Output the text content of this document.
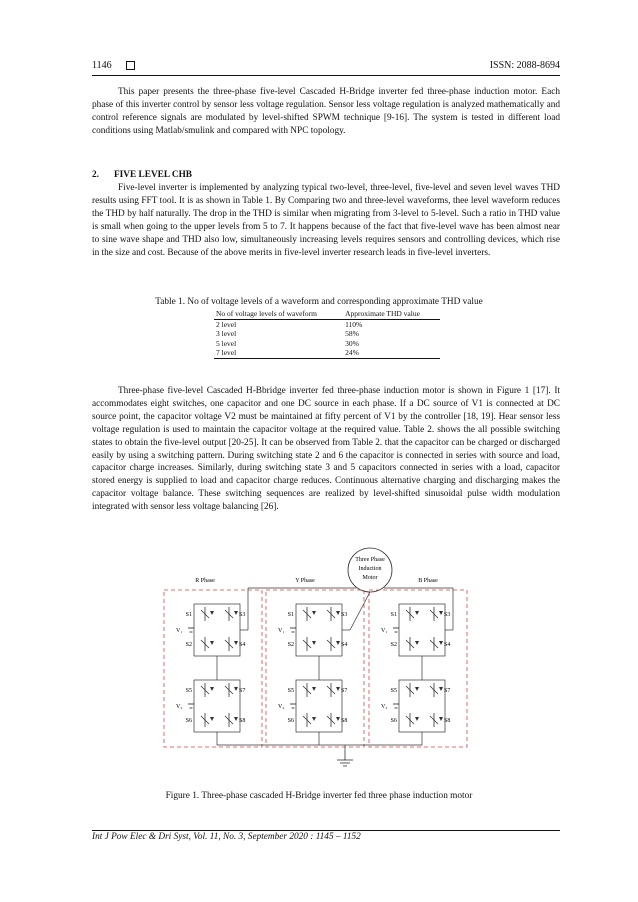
1146	ISSN: 2088-8694

This paper presents the three-phase five-level Cascaded H-Bridge inverter fed three-phase induction motor. Each phase of this inverter control by sensor less voltage regulation. Sensor less voltage regulation is analyzed mathematically and control reference signals are modulated by level-shifted SPWM technique [9-16]. The system is tested in different load conditions using Matlab/smulink and compared with NPC topology.

2. FIVE LEVEL CHB

Five-level inverter is implemented by analyzing typical two-level, three-level, five-level and seven level waves THD results using FFT tool. It is as shown in Table 1. By Comparing two and three-level waveforms, thee level waveform reduces the THD by half naturally. The drop in the THD is similar when migrating from 3-level to 5-level. Such a ratio in THD value is small when going to the upper levels from 5 to 7. It happens because of the fact that five-level wave has been almost near to sine wave shape and THD also low, simultaneously increasing levels requires sensors and controlling devices, which rise in the size and cost. Because of the above merits in five-level inverter research leads in five-level inverters.

Table 1. No of voltage levels of a waveform and corresponding approximate THD value
No of voltage levels of waveform	Approximate THD value
2 level	110%
3 level	58%
5 level	30%
7 level	24%

Three-phase five-level Cascaded H-Bbridge inverter fed three-phase induction motor is shown in Figure 1 [17]. It accommodates eight switches, one capacitor and one DC source in each phase. If a DC source of V1 is connected at DC source point, the capacitor voltage V2 must be maintained at fifty percent of V1 by the controller [18, 19]. Hear sensor less voltage regulation is used to maintain the capacitor voltage at the required value. Table 2. shows the all possible switching states to obtain the five-level output [20-25]. It can be observed from Table 2. that the capacitor can be charged or discharged easily by using a switching pattern. During switching state 2 and 6 the capacitor is connected in series with source and load, capacitor charge increases. Similarly, during switching state 3 and 5 capacitors connected in series with a load, capacitor stored energy is supplied to load and capacitor charge reduces. Continuous alternative charging and discharging makes the capacitor voltage balance. These switching sequences are realized by level-shifted sinusoidal pulse width modulation integrated with sensor less voltage balancing [26].

Three Phase
Induction
Motor
R Phase	Y Phase	B Phase
S1	S3
S2	S4
S5	S7
S6	S8
V₁
V₂
S1	S3
S2	S4
S5	S7
S6	S8
V₁
V₂
S1	S3
S2	S4
S5	S7
S6	S8
V₁
V₂
Figure 1. Three-phase cascaded H-Bridge inverter fed three phase induction motor
Int J Pow Elec & Dri Syst, Vol. 11, No. 3, September 2020 : 1145 – 1152
